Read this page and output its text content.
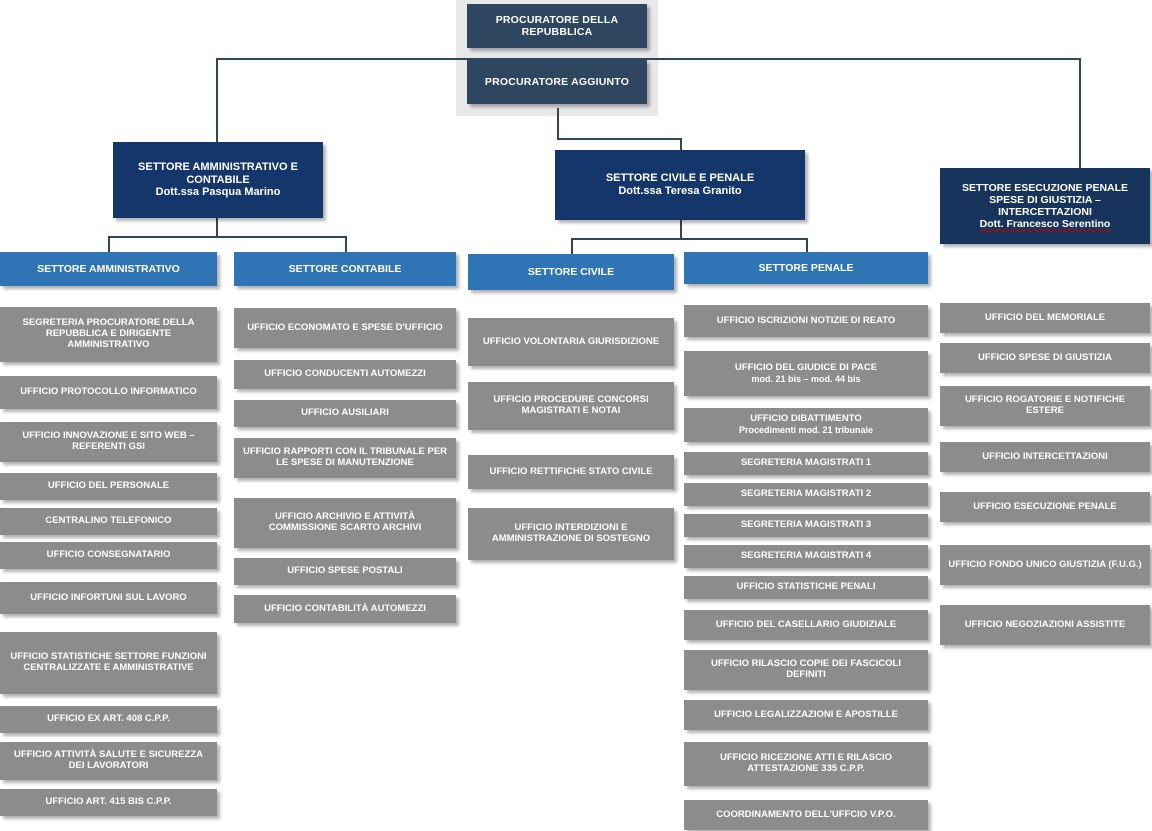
PROCURATORE DELLA REPUBBLICA
PROCURATORE AGGIUNTO
SETTORE AMMINISTRATIVO E CONTABILE
Dott.ssa Pasqua Marino
SETTORE CIVILE E PENALE
Dott.ssa Teresa Granito	SETTORE ESECUZIONE PENALE SPESE DI GIUSTIZIA – INTERCETTAZIONI
Dott. Francesco Serentino
SETTORE AMMINISTRATIVO	SETTORE CONTABILE	SETTORE CIVILE	SETTORE PENALE
SEGRETERIA PROCURATORE DELLA REPUBBLICA E DIRIGENTE AMMINISTRATIVO
UFFICIO PROTOCOLLO INFORMATICO
UFFICIO INNOVAZIONE E SITO WEB – REFERENTI GSI
UFFICIO DEL PERSONALE
CENTRALINO TELEFONICO
UFFICIO CONSEGNATARIO
UFFICIO INFORTUNI SUL LAVORO
UFFICIO STATISTICHE SETTORE FUNZIONI CENTRALIZZATE E AMMINISTRATIVE
UFFICIO EX ART. 408 C.P.P.
UFFICIO ATTIVITÀ SALUTE E SICUREZZA DEI LAVORATORI
UFFICIO ART. 415 BIS C.P.P.
UFFICIO ECONOMATO E SPESE D'UFFICIO
UFFICIO CONDUCENTI AUTOMEZZI
UFFICIO AUSILIARI
UFFICIO RAPPORTI CON IL TRIBUNALE PER LE SPESE DI MANUTENZIONE
UFFICIO ARCHIVIO E ATTIVITÀ COMMISSIONE SCARTO ARCHIVI
UFFICIO SPESE POSTALI
UFFICIO CONTABILITÀ AUTOMEZZI
UFFICIO VOLONTARIA GIURISDIZIONE
UFFICIO PROCEDURE CONCORSI MAGISTRATI E NOTAI
UFFICIO RETTIFICHE STATO CIVILE
UFFICIO INTERDIZIONI E AMMINISTRAZIONE DI SOSTEGNO
UFFICIO ISCRIZIONI NOTIZIE DI REATO
UFFICIO DEL GIUDICE DI PACE
mod. 21 bis – mod. 44 bis
UFFICIO DIBATTIMENTO
Procedimenti mod. 21 tribunale
SEGRETERIA MAGISTRATI 1
SEGRETERIA MAGISTRATI 2
SEGRETERIA MAGISTRATI 3
SEGRETERIA MAGISTRATI 4
UFFICIO STATISTICHE PENALI
UFFICIO DEL CASELLARIO GIUDIZIALE
UFFICIO RILASCIO COPIE DEI FASCICOLI DEFINITI
UFFICIO LEGALIZZAZIONI E APOSTILLE
UFFICIO RICEZIONE ATTI E RILASCIO ATTESTAZIONE 335 C.P.P.
COORDINAMENTO DELL'UFFCIO V.P.O.
UFFICIO DEL MEMORIALE
UFFICIO SPESE DI GIUSTIZIA
UFFICIO ROGATORIE E NOTIFICHE ESTERE
UFFICIO INTERCETTAZIONI
UFFICIO ESECUZIONE PENALE
UFFICIO FONDO UNICO GIUSTIZIA (F.U.G.)
UFFICIO NEGOZIAZIONI ASSISTITE
